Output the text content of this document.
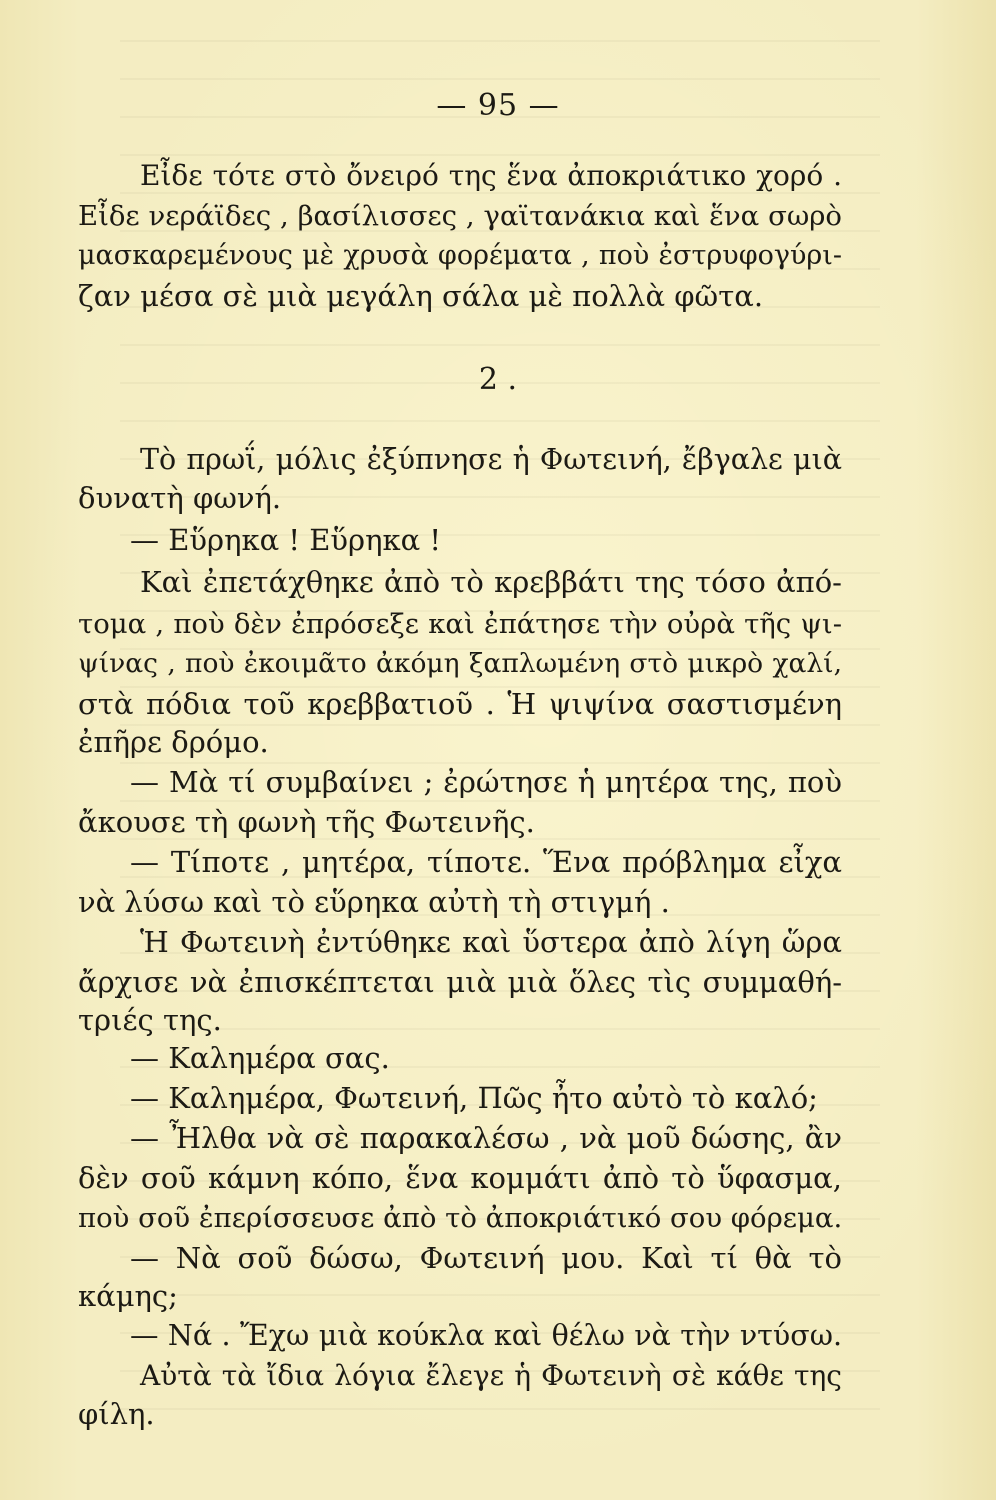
— 95 —
Εἶδε τότε στὸ ὄνειρό της ἕνα ἀποκριάτικο χορό .
Εἶδε νεράϊδες , βασίλισσες , γαϊτανάκια καὶ ἕνα σωρὸ
μασκαρεμένους μὲ χρυσὰ φορέματα , ποὺ ἐστρυφογύρι-
ζαν μέσα σὲ μιὰ μεγάλη σάλα μὲ πολλὰ φῶτα.
2 .
Τὸ πρωΐ, μόλις ἐξύπνησε ἡ Φωτεινή, ἔβγαλε μιὰ
δυνατὴ φωνή.
— Εὕρηκα ! Εὕρηκα !
Καὶ ἐπετάχθηκε ἀπὸ τὸ κρεββάτι της τόσο ἀπό-
τομα , ποὺ δὲν ἐπρόσεξε καὶ ἐπάτησε τὴν οὐρὰ τῆς ψι-
ψίνας , ποὺ ἐκοιμᾶτο ἀκόμη ξαπλωμένη στὸ μικρὸ χαλί,
στὰ πόδια τοῦ κρεββατιοῦ . Ἡ ψιψίνα σαστισμένη
ἐπῆρε δρόμο.
— Μὰ τί συμβαίνει ; ἐρώτησε ἡ μητέρα της, ποὺ
ἄκουσε τὴ φωνὴ τῆς Φωτεινῆς.
— Τίποτε , μητέρα, τίποτε. Ἕνα πρόβλημα εἶχα
νὰ λύσω καὶ τὸ εὕρηκα αὐτὴ τὴ στιγμή .
Ἡ Φωτεινὴ ἐντύθηκε καὶ ὕστερα ἀπὸ λίγη ὥρα
ἄρχισε νὰ ἐπισκέπτεται μιὰ μιὰ ὅλες τὶς συμμαθή-
τριές της.
— Καλημέρα σας.
— Καλημέρα, Φωτεινή, Πῶς ἦτο αὐτὸ τὸ καλό;
— Ἦλθα νὰ σὲ παρακαλέσω , νὰ μοῦ δώσης, ἂν
δὲν σοῦ κάμνη κόπο, ἕνα κομμάτι ἀπὸ τὸ ὕφασμα,
ποὺ σοῦ ἐπερίσσευσε ἀπὸ τὸ ἀποκριάτικό σου φόρεμα.
— Νὰ σοῦ δώσω, Φωτεινή μου. Καὶ τί θὰ τὸ
κάμης;
— Νά . Ἔχω μιὰ κούκλα καὶ θέλω νὰ τὴν ντύσω.
Αὐτὰ τὰ ἴδια λόγια ἔλεγε ἡ Φωτεινὴ σὲ κάθε της
φίλη.
